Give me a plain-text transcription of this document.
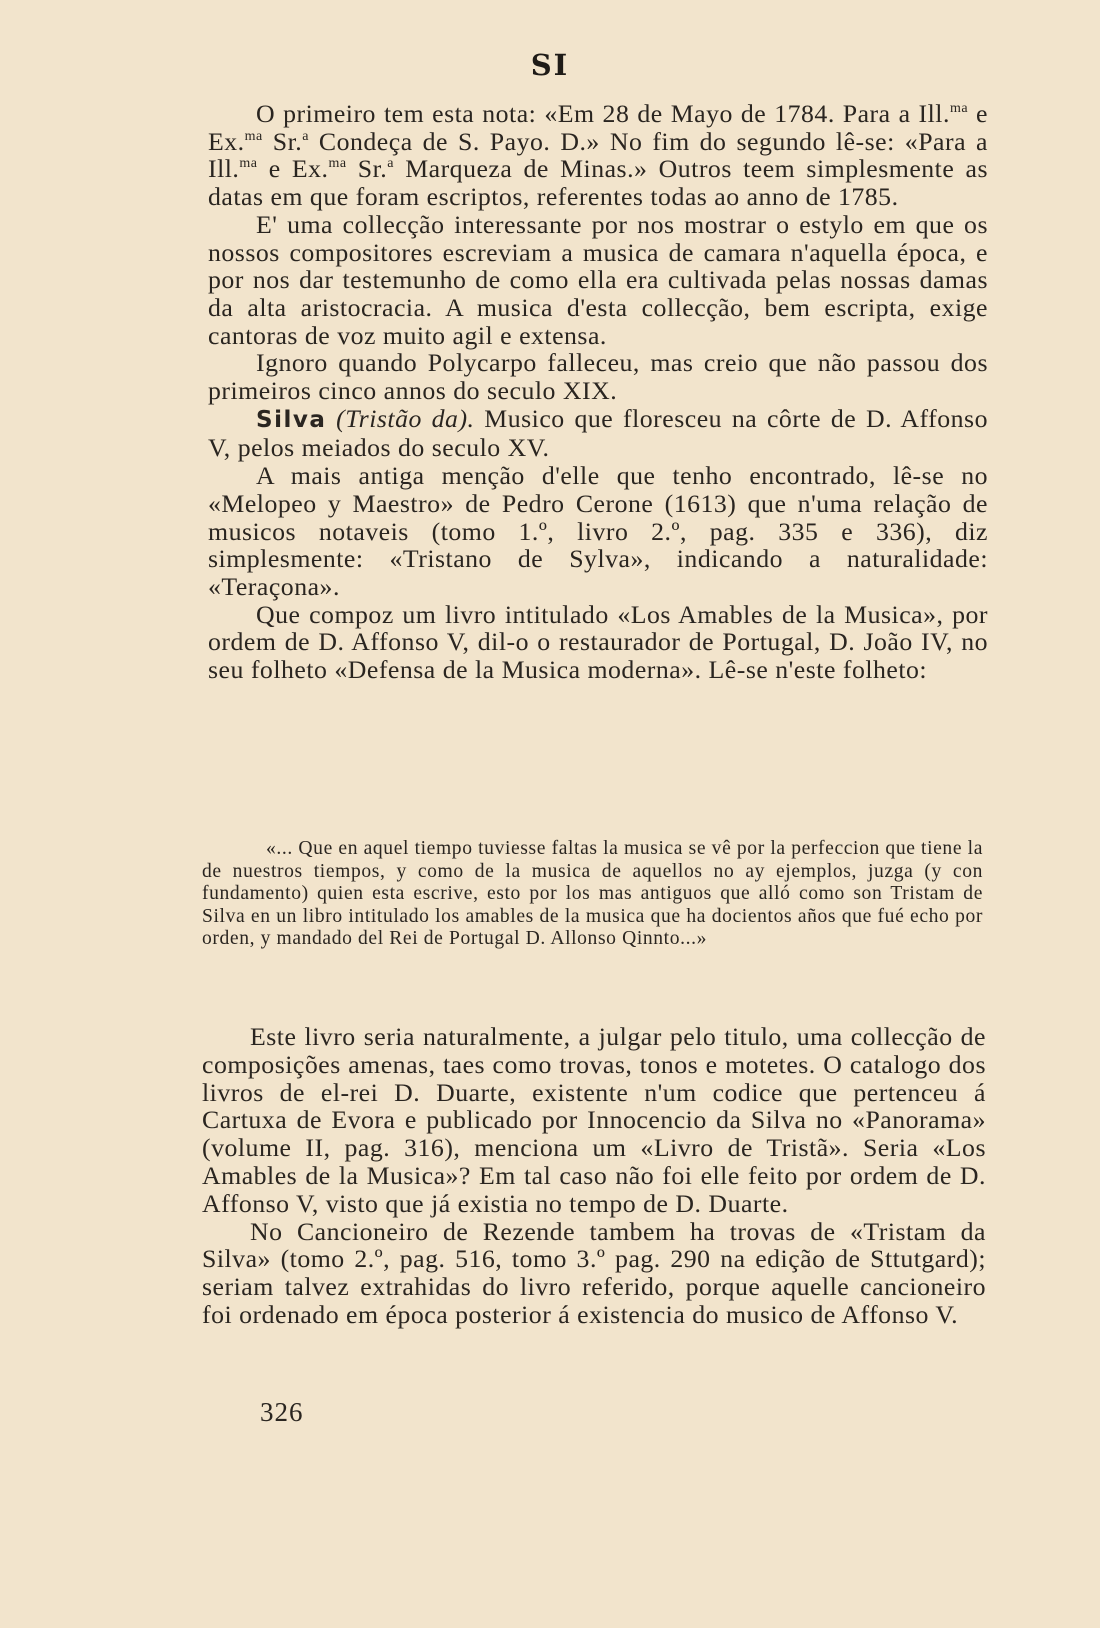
SI

O primeiro tem esta nota: «Em 28 de Mayo de 1784. Para a Ill.$^{ma}$ e Ex.$^{ma}$ Sr.$^a$ Condeça de S. Payo. D.» No fim do segundo lê-se: «Para a Ill.$^{ma}$ e Ex.$^{ma}$ Sr.$^a$ Marqueza de Minas.» Outros teem simplesmente as datas em que foram escriptos, referentes todas ao anno de 1785.

E' uma collecção interessante por nos mostrar o estylo em que os nossos compositores escreviam a musica de camara n'aquella época, e por nos dar testemunho de como ella era cultivada pelas nossas damas da alta aristocracia. A musica d'esta collecção, bem escripta, exige cantoras de voz muito agil e extensa.

Ignoro quando Polycarpo falleceu, mas creio que não passou dos primeiros cinco annos do seculo XIX.

Silva (Tristão da). Musico que floresceu na côrte de D. Affonso V, pelos meiados do seculo XV.

A mais antiga menção d'elle que tenho encontrado, lê-se no «Melopeo y Maestro» de Pedro Cerone (1613) que n'uma relação de musicos notaveis (tomo 1.º, livro 2.º, pag. 335 e 336), diz simplesmente: «Tristano de Sylva», indicando a naturalidade: «Teraçona».

Que compoz um livro intitulado «Los Amables de la Musica», por ordem de D. Affonso V, dil-o o restaurador de Portugal, D. João IV, no seu folheto «Defensa de la Musica moderna». Lê-se n'este folheto:

«... Que en aquel tiempo tuviesse faltas la musica se vê por la perfeccion que tiene la de nuestros tiempos, y como de la musica de aquellos no ay ejemplos, juzga (y con fundamento) quien esta escrive, esto por los mas antiguos que alló como son Tristam de Silva en un libro intitulado los amables de la musica que ha docientos años que fué echo por orden, y mandado del Rei de Portugal D. Allonso Qinnto...»

Este livro seria naturalmente, a julgar pelo titulo, uma collecção de composições amenas, taes como trovas, tonos e motetes. O catalogo dos livros de el-rei D. Duarte, existente n'um codice que pertenceu á Cartuxa de Evora e publicado por Innocencio da Silva no «Panorama» (volume II, pag. 316), menciona um «Livro de Tristã». Seria «Los Amables de la Musica»? Em tal caso não foi elle feito por ordem de D. Affonso V, visto que já existia no tempo de D. Duarte.

No Cancioneiro de Rezende tambem ha trovas de «Tristam da Silva» (tomo 2.º, pag. 516, tomo 3.º pag. 290 na edição de Sttutgard); seriam talvez extrahidas do livro referido, porque aquelle cancioneiro foi ordenado em época posterior á existencia do musico de Affonso V.

326
